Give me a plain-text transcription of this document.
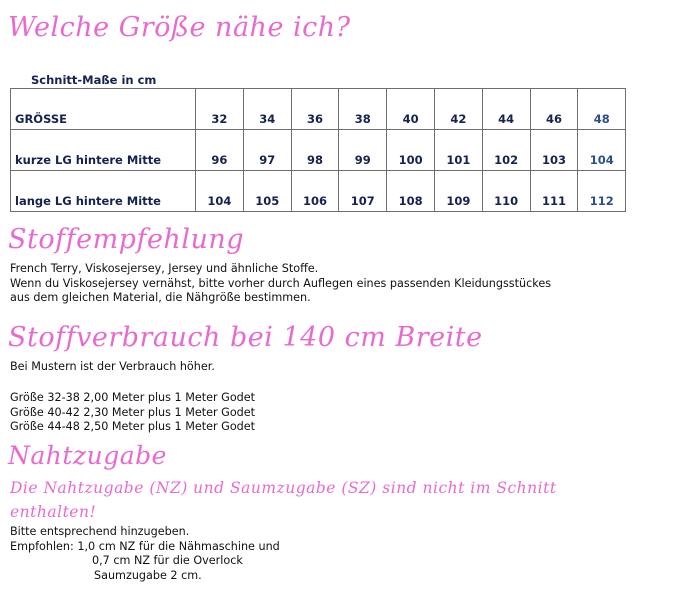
Welche Größe nähe ich?
Schnitt-Maße in cm
GRÖSSE	32	34	36	38	40	42	44	46	48
kurze LG hintere Mitte	96	97	98	99	100	101	102	103	104
lange LG hintere Mitte	104	105	106	107	108	109	110	111	112
Stoffempfehlung
French Terry, Viskosejersey, Jersey und ähnliche Stoffe.
Wenn du Viskosejersey vernähst, bitte vorher durch Auflegen eines passenden Kleidungsstückes
aus dem gleichen Material, die Nähgröße bestimmen.
Stoffverbrauch bei 140 cm Breite
Bei Mustern ist der Verbrauch höher.
Größe 32-38 2,00 Meter plus 1 Meter Godet
Größe 40-42 2,30 Meter plus 1 Meter Godet
Größe 44-48 2,50 Meter plus 1 Meter Godet
Nahtzugabe
Die Nahtzugabe (NZ) und Saumzugabe (SZ) sind nicht im Schnitt enthalten!
Bitte entsprechend hinzugeben.
Empfohlen: 1,0 cm NZ für die Nähmaschine und
0,7 cm NZ für die Overlock
Saumzugabe 2 cm.
